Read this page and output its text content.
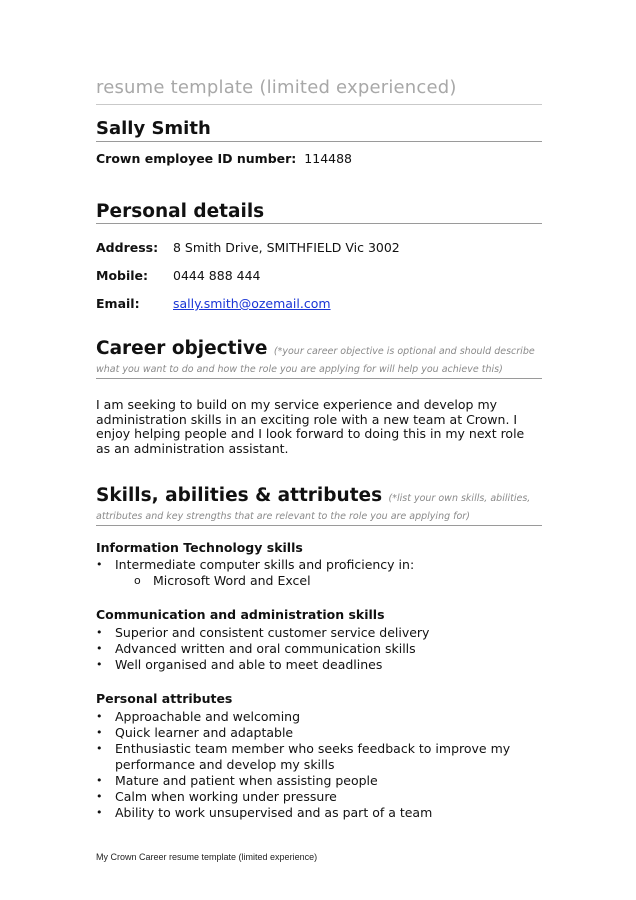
resume template (limited experienced)
Sally Smith
Crown employee ID number: 114488
Personal details
Address: 8 Smith Drive, SMITHFIELD Vic 3002
Mobile: 0444 888 444
Email:	sally.smith@ozemail.com
Career objective (*your career objective is optional and should describe what you want to do and how the role you are applying for will help you achieve this)
I am seeking to build on my service experience and develop my administration skills in an exciting role with a new team at Crown. I enjoy helping people and I look forward to doing this in my next role as an administration assistant.
Skills, abilities & attributes (*list your own skills, abilities, attributes and key strengths that are relevant to the role you are applying for)
Information Technology skills
• Intermediate computer skills and proficiency in:
o Microsoft Word and Excel
Communication and administration skills
• Superior and consistent customer service delivery
• Advanced written and oral communication skills
• Well organised and able to meet deadlines
Personal attributes
• Approachable and welcoming
• Quick learner and adaptable
• Enthusiastic team member who seeks feedback to improve my performance and develop my skills
• Mature and patient when assisting people
• Calm when working under pressure
• Ability to work unsupervised and as part of a team
My Crown Career resume template (limited experience)
